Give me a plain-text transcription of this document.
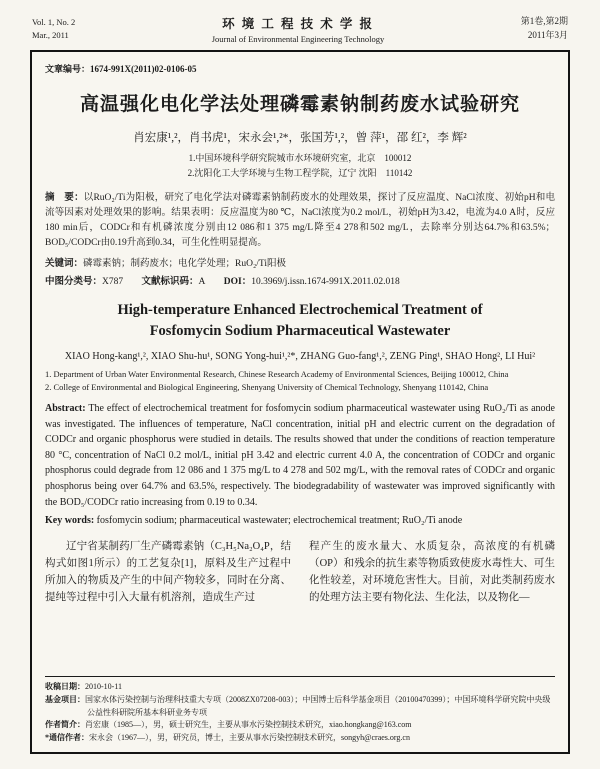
Vol. 1, No. 2
Mar., 2011
环 境 工 程 技 术 学 报
Journal of Environmental Engineering Technology
第1卷,第2期
2011年3月

文章编号：1674-991X(2011)02-0106-05

高温强化电化学法处理磷霉素钠制药废水试验研究

肖宏康¹,²，肖书虎¹，宋永会¹,²*，张国芳¹,²，曾 萍¹，邵 红²，李 辉²

1.中国环境科学研究院城市水环境研究室，北京　100012
2.沈阳化工大学环境与生物工程学院，辽宁 沈阳　110142

摘　要：以RuO₂/Ti为阳极，研究了电化学法对磷霉素钠制药废水的处理效果，探讨了反应温度、NaCl浓度、初始pH和电流等因素对处理效果的影响。结果表明：反应温度为80 ℃，NaCl浓度为0.2 mol/L，初始pH为3.42，电流为4.0 A时，反应180 min后，CODCr和有机磷浓度分别由12 086和1 375 mg/L降至4 278和502 mg/L，去除率分别达64.7%和63.5%；BOD₅/CODCr由0.19升高到0.34，可生化性明显提高。

关键词：磷霉素钠；制药废水；电化学处理；RuO₂/Ti阳极

中图分类号：X787 文献标识码：A DOI：10.3969/j.issn.1674-991X.2011.02.018

High-temperature Enhanced Electrochemical Treatment of
Fosfomycin Sodium Pharmaceutical Wastewater

XIAO Hong-kang¹,², XIAO Shu-hu¹, SONG Yong-hui¹,²*, ZHANG Guo-fang¹,², ZENG Ping¹, SHAO Hong², LI Hui²

1. Department of Urban Water Environmental Research, Chinese Research Academy of Environmental Sciences, Beijing 100012, China
2. College of Environmental and Biological Engineering, Shenyang University of Chemical Technology, Shenyang 110142, China

Abstract: The effect of electrochemical treatment for fosfomycin sodium pharmaceutical wastewater using RuO₂/Ti as anode was investigated. The influences of temperature, NaCl concentration, initial pH and electric current on the degradation of CODCr and organic phosphorus were studied in details. The results showed that under the conditions of reaction temperature 80 °C, concentration of NaCl 0.2 mol/L, initial pH 3.42 and electric current 4.0 A, the concentration of CODCr and organic phosphorus could degrade from 12 086 and 1 375 mg/L to 4 278 and 502 mg/L, with the removal rates of CODCr and organic phosphorus being over 64.7% and 63.5%, respectively. The biodegradability of wastewater was improved significantly with the BOD₅/CODCr ratio increasing from 0.19 to 0.34.

Key words: fosfomycin sodium; pharmaceutical wastewater; electrochemical treatment; RuO₂/Ti anode

辽宁省某制药厂生产磷霉素钠（C₃H₅Na₂O₄P，结构式如图1所示）的工艺复杂[1]，原料及生产过程中所加入的物质及产生的中间产物较多，同时在分离、提纯等过程中引入大量有机溶剂，造成生产过

程产生的废水量大、水质复杂，高浓度的有机磷（OP）和残余的抗生素等物质致使废水毒性大、可生化性较差，对环境危害性大。目前，对此类制药废水的处理方法主要有物化法、生化法，以及物化—

收稿日期：2010-10-11

基金项目：国家水体污染控制与治理科技重大专项（2008ZX07208-003）；中国博士后科学基金项目（20100470399）；中国环境科学研究院中央级公益性科研院所基本科研业务专项

作者简介：肖宏康（1985—），男，硕士研究生，主要从事水污染控制技术研究，xiao.hongkang@163.com

*通信作者：宋永会（1967—），男，研究员，博士，主要从事水污染控制技术研究，songyh@craes.org.cn
